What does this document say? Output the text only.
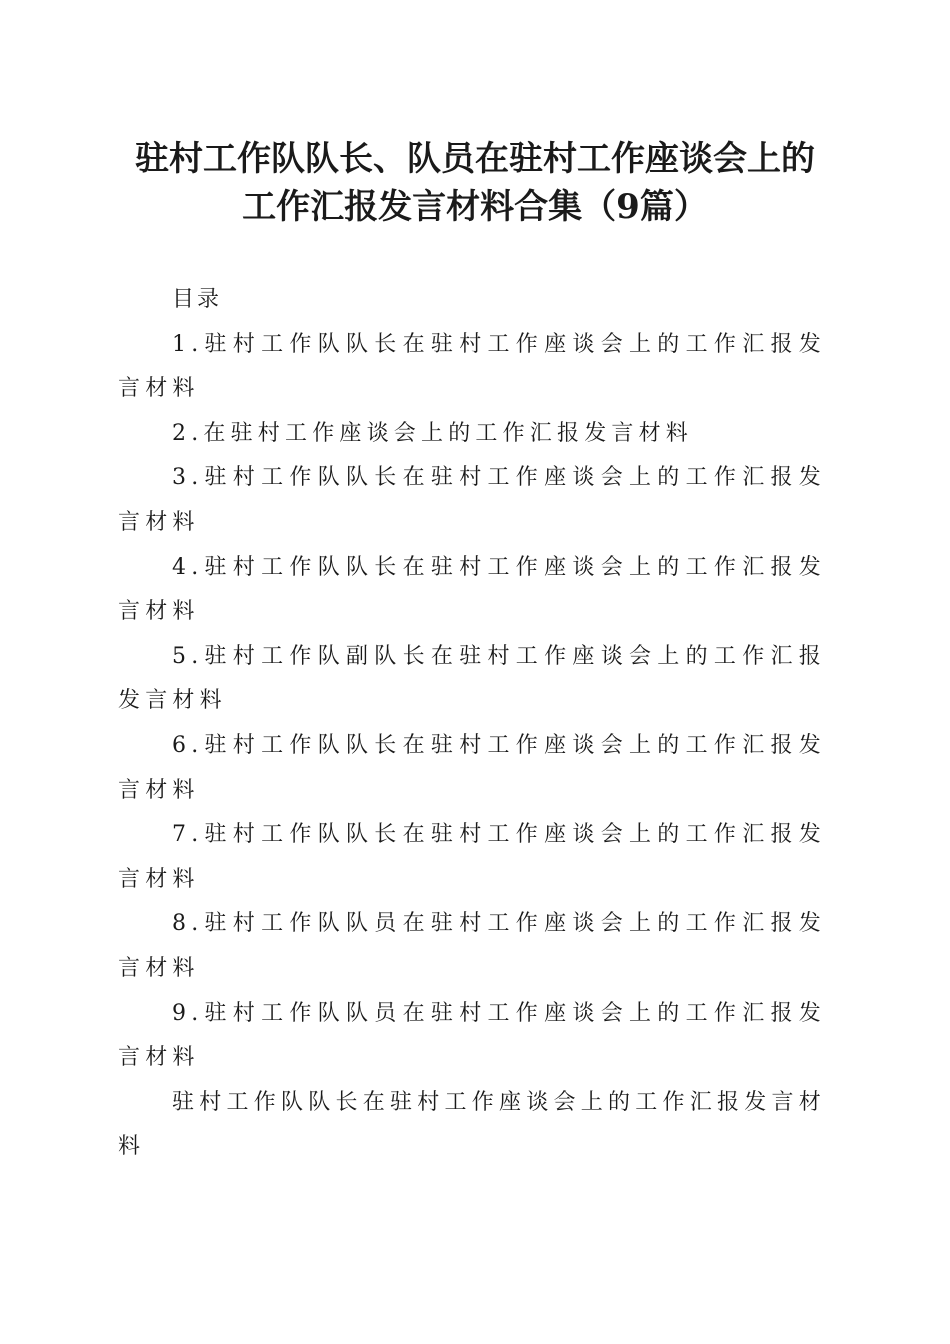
驻村工作队队长、队员在驻村工作座谈会上的
工作汇报发言材料合集（9篇）

目录

1.驻村工作队队长在驻村工作座谈会上的工作汇报发言材料

2.在驻村工作座谈会上的工作汇报发言材料

3.驻村工作队队长在驻村工作座谈会上的工作汇报发言材料

4.驻村工作队队长在驻村工作座谈会上的工作汇报发言材料

5.驻村工作队副队长在驻村工作座谈会上的工作汇报发言材料

6.驻村工作队队长在驻村工作座谈会上的工作汇报发言材料

7.驻村工作队队长在驻村工作座谈会上的工作汇报发言材料

8.驻村工作队队员在驻村工作座谈会上的工作汇报发言材料

9.驻村工作队队员在驻村工作座谈会上的工作汇报发言材料

驻村工作队队长在驻村工作座谈会上的工作汇报发言材料
